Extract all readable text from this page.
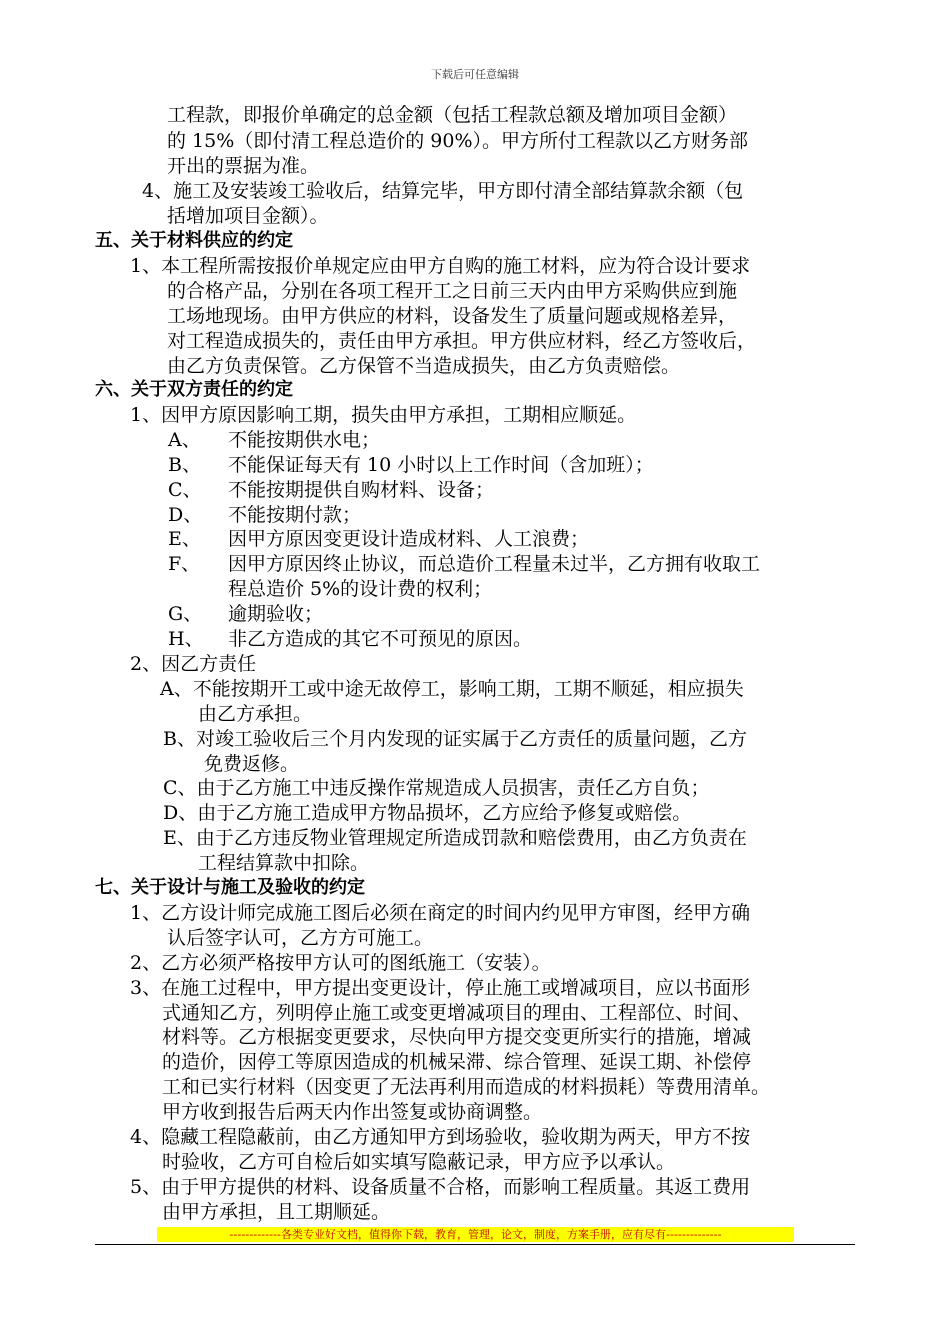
下载后可任意编辑
工程款，即报价单确定的总金额（包括工程款总额及增加项目金额）
的 15%（即付清工程总造价的 90%）。甲方所付工程款以乙方财务部
开出的票据为准。
4、施工及安装竣工验收后，结算完毕，甲方即付清全部结算款余额（包
括增加项目金额）。
五、关于材料供应的约定
1、本工程所需按报价单规定应由甲方自购的施工材料，应为符合设计要求
的合格产品，分别在各项工程开工之日前三天内由甲方采购供应到施
工场地现场。由甲方供应的材料，设备发生了质量问题或规格差异，
对工程造成损失的，责任由甲方承担。甲方供应材料，经乙方签收后，
由乙方负责保管。乙方保管不当造成损失，由乙方负责赔偿。
六、关于双方责任的约定
1、因甲方原因影响工期，损失由甲方承担，工期相应顺延。
A、 不能按期供水电；
B、 不能保证每天有 10 小时以上工作时间（含加班）；
C、 不能按期提供自购材料、设备；
D、 不能按期付款；
E、 因甲方原因变更设计造成材料、人工浪费；
F、 因甲方原因终止协议，而总造价工程量未过半，乙方拥有收取工
程总造价 5%的设计费的权利；
G、 逾期验收；
H、 非乙方造成的其它不可预见的原因。
2、因乙方责任
A、不能按期开工或中途无故停工，影响工期，工期不顺延，相应损失
由乙方承担。
B、对竣工验收后三个月内发现的证实属于乙方责任的质量问题，乙方
免费返修。
C、由于乙方施工中违反操作常规造成人员损害，责任乙方自负；
D、由于乙方施工造成甲方物品损坏，乙方应给予修复或赔偿。
E、由于乙方违反物业管理规定所造成罚款和赔偿费用，由乙方负责在
工程结算款中扣除。
七、关于设计与施工及验收的约定
1、乙方设计师完成施工图后必须在商定的时间内约见甲方审图，经甲方确
认后签字认可，乙方方可施工。
2、乙方必须严格按甲方认可的图纸施工（安装）。
3、在施工过程中，甲方提出变更设计，停止施工或增减项目，应以书面形
式通知乙方，列明停止施工或变更增减项目的理由、工程部位、时间、
材料等。乙方根据变更要求，尽快向甲方提交变更所实行的措施，增减
的造价，因停工等原因造成的机械呆滞、综合管理、延误工期、补偿停
工和已实行材料（因变更了无法再利用而造成的材料损耗）等费用清单。
甲方收到报告后两天内作出签复或协商调整。
4、隐藏工程隐蔽前，由乙方通知甲方到场验收，验收期为两天，甲方不按
时验收，乙方可自检后如实填写隐蔽记录，甲方应予以承认。
5、由于甲方提供的材料、设备质量不合格，而影响工程质量。其返工费用
由甲方承担，且工期顺延。
-------------各类专业好文档，值得你下载，教育，管理，论文，制度，方案手册，应有尽有--------------
